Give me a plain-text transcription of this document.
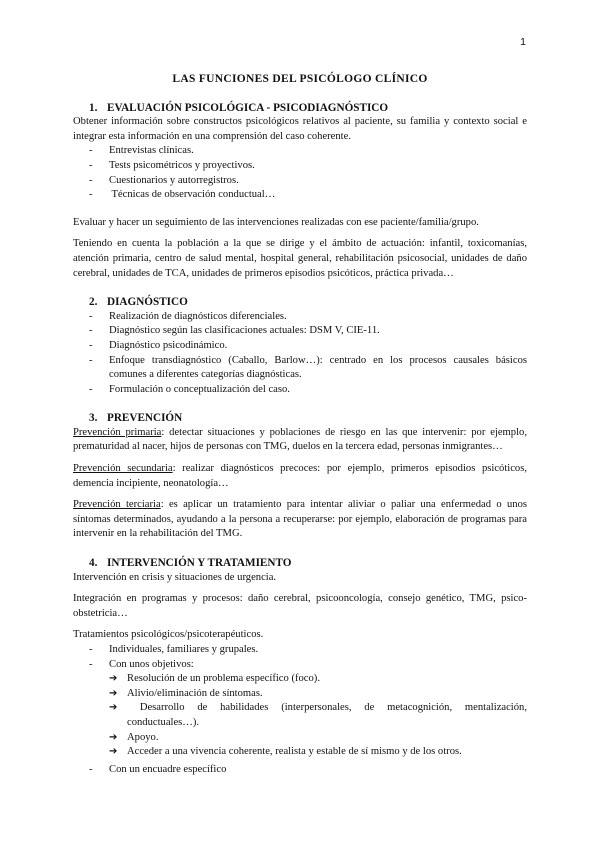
1
LAS FUNCIONES DEL PSICÓLOGO CLÍNICO
1. EVALUACIÓN PSICOLÓGICA - PSICODIAGNÓSTICO

Obtener información sobre constructos psicológicos relativos al paciente, su familia y contexto social e integrar esta información en una comprensión del caso coherente.

- Entrevistas clínicas.
- Tests psicométricos y proyectivos.
- Cuestionarios y autorregistros.
-  Técnicas de observación conductual…

Evaluar y hacer un seguimiento de las intervenciones realizadas con ese paciente/familia/grupo.

Teniendo en cuenta la población a la que se dirige y el ámbito de actuación: infantil, toxicomanías, atención primaria, centro de salud mental, hospital general, rehabilitación psicosocial, unidades de daño cerebral, unidades de TCA, unidades de primeros episodios psicóticos, práctica privada…

2. DIAGNÓSTICO
- Realización de diagnósticos diferenciales.
- Diagnóstico según las clasificaciones actuales: DSM V, CIE-11.
- Diagnóstico psicodinámico.
- Enfoque transdiagnóstico (Caballo, Barlow…): centrado en los procesos causales básicos comunes a diferentes categorías diagnósticas.
- Formulación o conceptualización del caso.
3. PREVENCIÓN

Prevención primaria: detectar situaciones y poblaciones de riesgo en las que intervenir: por ejemplo, prematuridad al nacer, hijos de personas con TMG, duelos en la tercera edad, personas inmigrantes…

Prevención secundaria: realizar diagnósticos precoces: por ejemplo, primeros episodios psicóticos, demencia incipiente, neonatología…

Prevención terciaria: es aplicar un tratamiento para intentar aliviar o paliar una enfermedad o unos síntomas determinados, ayudando a la persona a recuperarse: por ejemplo, elaboración de programas para intervenir en la rehabilitación del TMG.

4. INTERVENCIÓN Y TRATAMIENTO

Intervención en crisis y situaciones de urgencia.

Integración en programas y procesos: daño cerebral, psicooncología, consejo genético, TMG, psico-obstetricia…

Tratamientos psicológicos/psicoterapéuticos.

- Individuales, familiares y grupales.
- Con unos objetivos:
➔ Resolución de un problema específico (foco).
➔ Alivio/eliminación de síntomas.
➔ Desarrollo de habilidades (interpersonales, de metacognición, mentalización, conductuales…).
➔ Apoyo.
➔ Acceder a una vivencia coherente, realista y estable de sí mismo y de los otros.
- Con un encuadre específico
